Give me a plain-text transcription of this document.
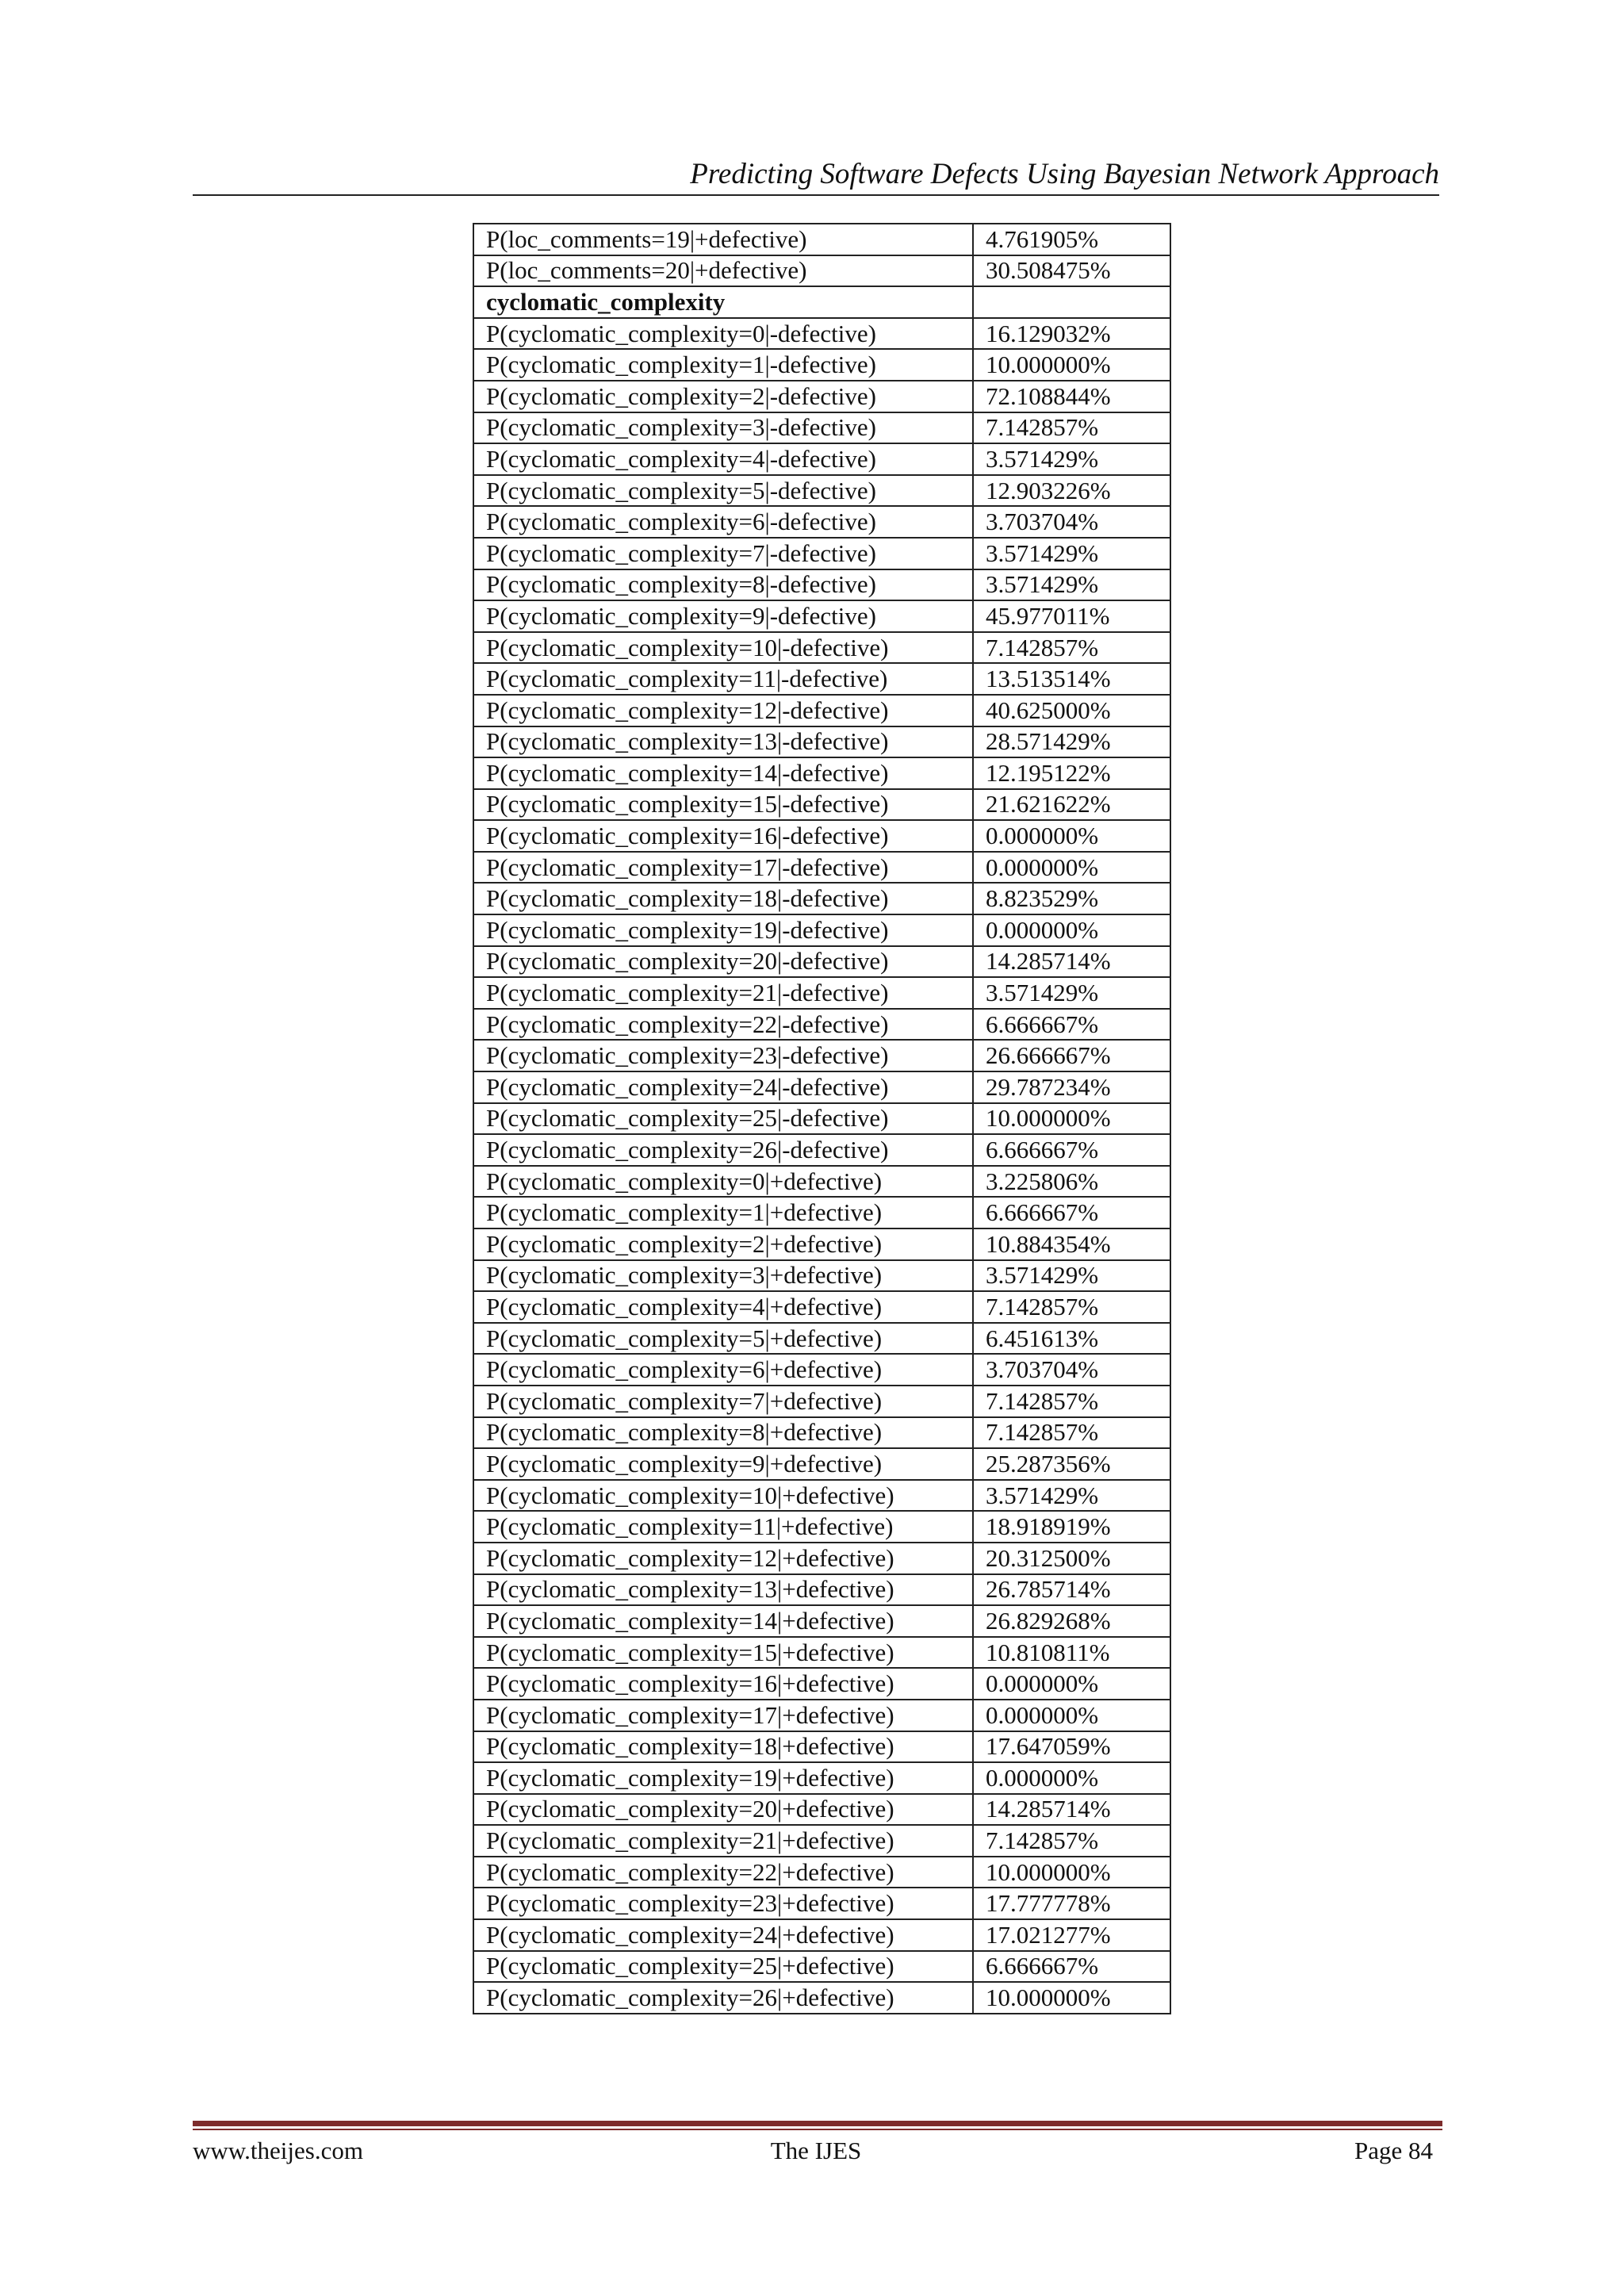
Predicting Software Defects Using Bayesian Network Approach
P(loc_comments=19|+defective)	4.761905%
P(loc_comments=20|+defective)	30.508475%
cyclomatic_complexity	
P(cyclomatic_complexity=0|-defective)	16.129032%
P(cyclomatic_complexity=1|-defective)	10.000000%
P(cyclomatic_complexity=2|-defective)	72.108844%
P(cyclomatic_complexity=3|-defective)	7.142857%
P(cyclomatic_complexity=4|-defective)	3.571429%
P(cyclomatic_complexity=5|-defective)	12.903226%
P(cyclomatic_complexity=6|-defective)	3.703704%
P(cyclomatic_complexity=7|-defective)	3.571429%
P(cyclomatic_complexity=8|-defective)	3.571429%
P(cyclomatic_complexity=9|-defective)	45.977011%
P(cyclomatic_complexity=10|-defective)	7.142857%
P(cyclomatic_complexity=11|-defective)	13.513514%
P(cyclomatic_complexity=12|-defective)	40.625000%
P(cyclomatic_complexity=13|-defective)	28.571429%
P(cyclomatic_complexity=14|-defective)	12.195122%
P(cyclomatic_complexity=15|-defective)	21.621622%
P(cyclomatic_complexity=16|-defective)	0.000000%
P(cyclomatic_complexity=17|-defective)	0.000000%
P(cyclomatic_complexity=18|-defective)	8.823529%
P(cyclomatic_complexity=19|-defective)	0.000000%
P(cyclomatic_complexity=20|-defective)	14.285714%
P(cyclomatic_complexity=21|-defective)	3.571429%
P(cyclomatic_complexity=22|-defective)	6.666667%
P(cyclomatic_complexity=23|-defective)	26.666667%
P(cyclomatic_complexity=24|-defective)	29.787234%
P(cyclomatic_complexity=25|-defective)	10.000000%
P(cyclomatic_complexity=26|-defective)	6.666667%
P(cyclomatic_complexity=0|+defective)	3.225806%
P(cyclomatic_complexity=1|+defective)	6.666667%
P(cyclomatic_complexity=2|+defective)	10.884354%
P(cyclomatic_complexity=3|+defective)	3.571429%
P(cyclomatic_complexity=4|+defective)	7.142857%
P(cyclomatic_complexity=5|+defective)	6.451613%
P(cyclomatic_complexity=6|+defective)	3.703704%
P(cyclomatic_complexity=7|+defective)	7.142857%
P(cyclomatic_complexity=8|+defective)	7.142857%
P(cyclomatic_complexity=9|+defective)	25.287356%
P(cyclomatic_complexity=10|+defective)	3.571429%
P(cyclomatic_complexity=11|+defective)	18.918919%
P(cyclomatic_complexity=12|+defective)	20.312500%
P(cyclomatic_complexity=13|+defective)	26.785714%
P(cyclomatic_complexity=14|+defective)	26.829268%
P(cyclomatic_complexity=15|+defective)	10.810811%
P(cyclomatic_complexity=16|+defective)	0.000000%
P(cyclomatic_complexity=17|+defective)	0.000000%
P(cyclomatic_complexity=18|+defective)	17.647059%
P(cyclomatic_complexity=19|+defective)	0.000000%
P(cyclomatic_complexity=20|+defective)	14.285714%
P(cyclomatic_complexity=21|+defective)	7.142857%
P(cyclomatic_complexity=22|+defective)	10.000000%
P(cyclomatic_complexity=23|+defective)	17.777778%
P(cyclomatic_complexity=24|+defective)	17.021277%
P(cyclomatic_complexity=25|+defective)	6.666667%
P(cyclomatic_complexity=26|+defective)	10.000000%
www.theijes.com	The IJES	Page 84
